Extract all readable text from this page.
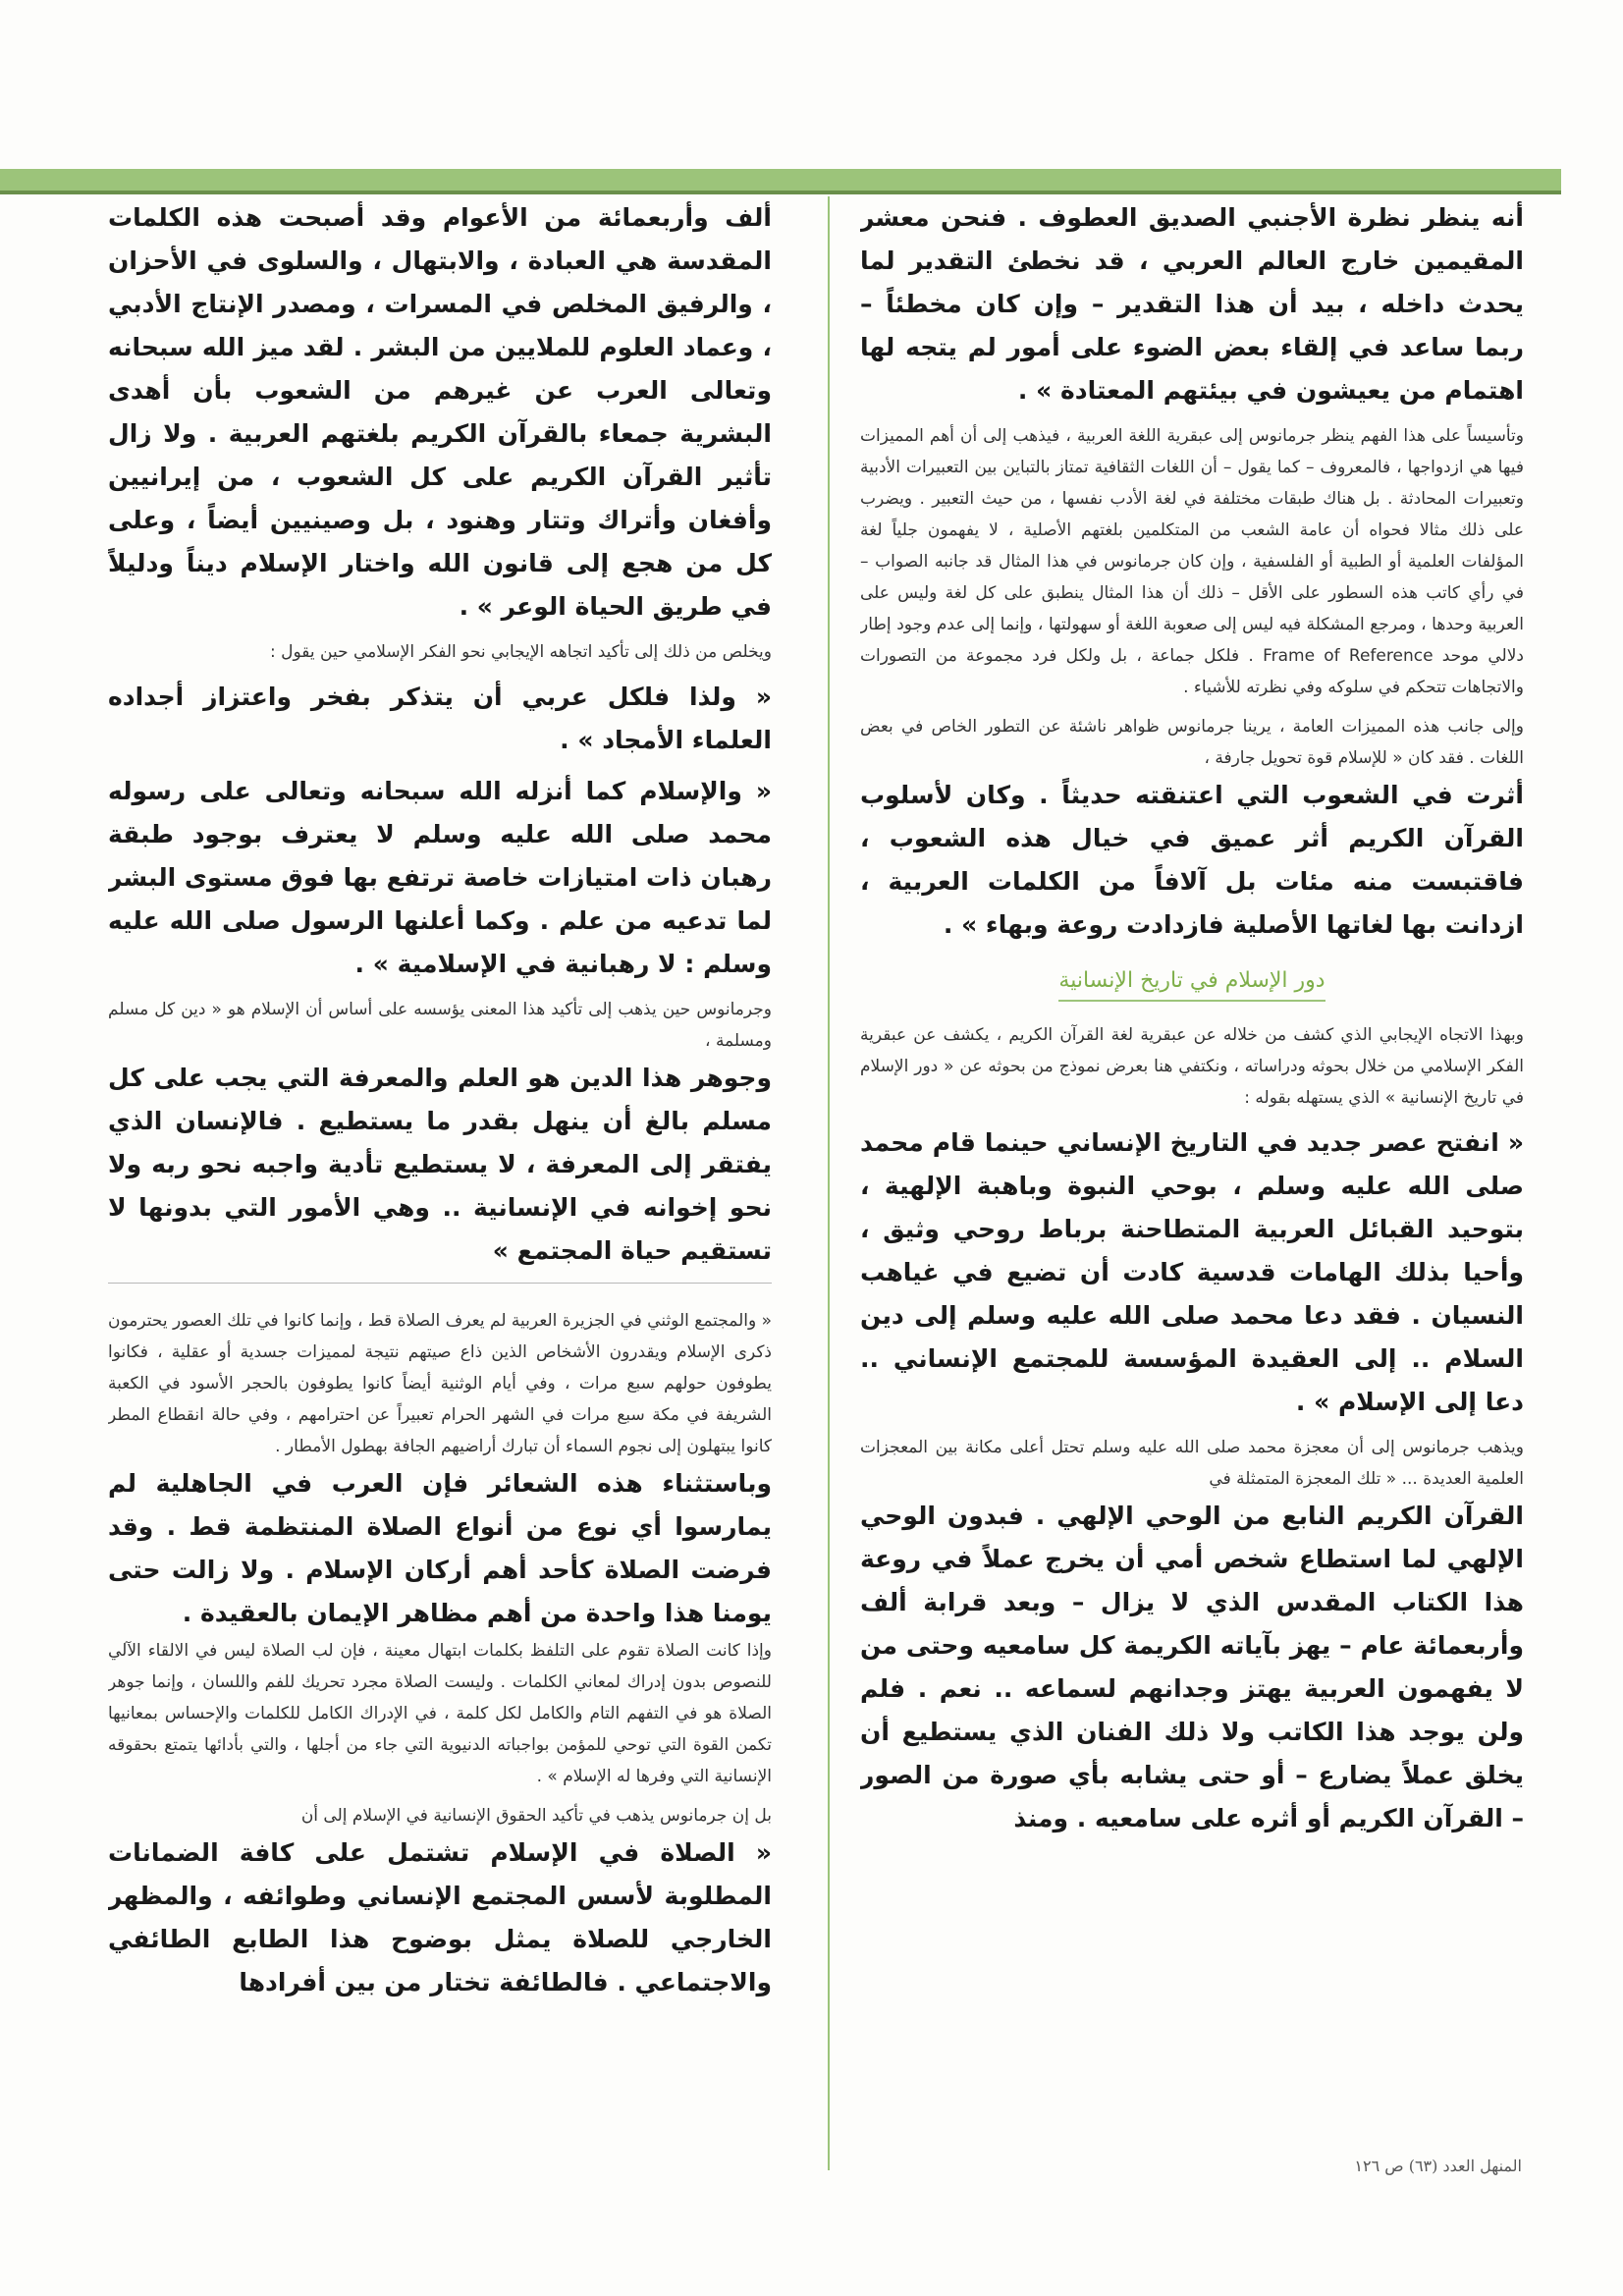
أنه ينظر نظرة الأجنبي الصديق العطوف . فنحن معشر المقيمين خارج العالم العربي ، قد نخطئ التقدير لما يحدث داخله ، بيد أن هذا التقدير – وإن كان مخطئاً – ربما ساعد في إلقاء بعض الضوء على أمور لم يتجه لها اهتمام من يعيشون في بيئتهم المعتادة » .

وتأسيساً على هذا الفهم ينظر جرمانوس إلى عبقرية اللغة العربية ، فيذهب إلى أن أهم المميزات فيها هي ازدواجها ، فالمعروف – كما يقول – أن اللغات الثقافية تمتاز بالتباين بين التعبيرات الأدبية وتعبيرات المحادثة . بل هناك طبقات مختلفة في لغة الأدب نفسها ، من حيث التعبير . ويضرب على ذلك مثالا فحواه أن عامة الشعب من المتكلمين بلغتهم الأصلية ، لا يفهمون جلياً لغة المؤلفات العلمية أو الطبية أو الفلسفية ، وإن كان جرمانوس في هذا المثال قد جانبه الصواب – في رأي كاتب هذه السطور على الأقل – ذلك أن هذا المثال ينطبق على كل لغة وليس على العربية وحدها ، ومرجع المشكلة فيه ليس إلى صعوبة اللغة أو سهولتها ، وإنما إلى عدم وجود إطار دلالي موحد Frame of Reference . فلكل جماعة ، بل ولكل فرد مجموعة من التصورات والاتجاهات تتحكم في سلوكه وفي نظرته للأشياء .

وإلى جانب هذه المميزات العامة ، يرينا جرمانوس ظواهر ناشئة عن التطور الخاص في بعض اللغات . فقد كان « للإسلام قوة تحويل جارفة ،

أثرت في الشعوب التي اعتنقته حديثاً . وكان لأسلوب القرآن الكريم أثر عميق في خيال هذه الشعوب ، فاقتبست منه مئات بل آلافاً من الكلمات العربية ، ازدانت بها لغاتها الأصلية فازدادت روعة وبهاء » .

دور الإسلام في تاريخ الإنسانية

وبهذا الاتجاه الإيجابي الذي كشف من خلاله عن عبقرية لغة القرآن الكريم ، يكشف عن عبقرية الفكر الإسلامي من خلال بحوثه ودراساته ، ونكتفي هنا بعرض نموذج من بحوثه عن « دور الإسلام في تاريخ الإنسانية » الذي يستهله بقوله :

« انفتح عصر جديد في التاريخ الإنساني حينما قام محمد صلى الله عليه وسلم ، بوحي النبوة وباهبة الإلهية ، بتوحيد القبائل العربية المتطاحنة برباط روحي وثيق ، وأحيا بذلك الهامات قدسية كادت أن تضيع في غياهب النسيان . فقد دعا محمد صلى الله عليه وسلم إلى دين السلام .. إلى العقيدة المؤسسة للمجتمع الإنساني .. دعا إلى الإسلام » .

ويذهب جرمانوس إلى أن معجزة محمد صلى الله عليه وسلم تحتل أعلى مكانة بين المعجزات العلمية العديدة ... « تلك المعجزة المتمثلة في

القرآن الكريم النابع من الوحي الإلهي . فبدون الوحي الإلهي لما استطاع شخص أمي أن يخرج عملاً في روعة هذا الكتاب المقدس الذي لا يزال – وبعد قرابة ألف وأربعمائة عام – يهز بآياته الكريمة كل سامعيه وحتى من لا يفهمون العربية يهتز وجدانهم لسماعه .. نعم . فلم ولن يوجد هذا الكاتب ولا ذلك الفنان الذي يستطيع أن يخلق عملاً يضارع – أو حتى يشابه بأي صورة من الصور – القرآن الكريم أو أثره على سامعيه . ومنذ

ألف وأربعمائة من الأعوام وقد أصبحت هذه الكلمات المقدسة هي العبادة ، والابتهال ، والسلوى في الأحزان ، والرفيق المخلص في المسرات ، ومصدر الإنتاج الأدبي ، وعماد العلوم للملايين من البشر . لقد ميز الله سبحانه وتعالى العرب عن غيرهم من الشعوب بأن أهدى البشرية جمعاء بالقرآن الكريم بلغتهم العربية . ولا زال تأثير القرآن الكريم على كل الشعوب ، من إيرانيين وأفغان وأتراك وتتار وهنود ، بل وصينيين أيضاً ، وعلى كل من هجع إلى قانون الله واختار الإسلام ديناً ودليلاً في طريق الحياة الوعر » .

ويخلص من ذلك إلى تأكيد اتجاهه الإيجابي نحو الفكر الإسلامي حين يقول :

« ولذا فلكل عربي أن يتذكر بفخر واعتزاز أجداده العلماء الأمجاد » .

« والإسلام كما أنزله الله سبحانه وتعالى على رسوله محمد صلى الله عليه وسلم لا يعترف بوجود طبقة رهبان ذات امتيازات خاصة ترتفع بها فوق مستوى البشر لما تدعيه من علم . وكما أعلنها الرسول صلى الله عليه وسلم : لا رهبانية في الإسلامية » .

وجرمانوس حين يذهب إلى تأكيد هذا المعنى يؤسسه على أساس أن الإسلام هو « دين كل مسلم ومسلمة ،

وجوهر هذا الدين هو العلم والمعرفة التي يجب على كل مسلم بالغ أن ينهل بقدر ما يستطيع . فالإنسان الذي يفتقر إلى المعرفة ، لا يستطيع تأدية واجبه نحو ربه ولا نحو إخوانه في الإنسانية .. وهي الأمور التي بدونها لا تستقيم حياة المجتمع »

« والمجتمع الوثني في الجزيرة العربية لم يعرف الصلاة قط ، وإنما كانوا في تلك العصور يحترمون ذكرى الإسلام ويقدرون الأشخاص الذين ذاع صيتهم نتيجة لمميزات جسدية أو عقلية ، فكانوا يطوفون حولهم سبع مرات ، وفي أيام الوثنية أيضاً كانوا يطوفون بالحجر الأسود في الكعبة الشريفة في مكة سبع مرات في الشهر الحرام تعبيراً عن احترامهم ، وفي حالة انقطاع المطر كانوا يبتهلون إلى نجوم السماء أن تبارك أراضيهم الجافة بهطول الأمطار .

وباستثناء هذه الشعائر فإن العرب في الجاهلية لم يمارسوا أي نوع من أنواع الصلاة المنتظمة قط . وقد فرضت الصلاة كأحد أهم أركان الإسلام . ولا زالت حتى يومنا هذا واحدة من أهم مظاهر الإيمان بالعقيدة .

وإذا كانت الصلاة تقوم على التلفظ بكلمات ابتهال معينة ، فإن لب الصلاة ليس في الالقاء الآلي للنصوص بدون إدراك لمعاني الكلمات . وليست الصلاة مجرد تحريك للفم واللسان ، وإنما جوهر الصلاة هو في التفهم التام والكامل لكل كلمة ، في الإدراك الكامل للكلمات والإحساس بمعانيها تكمن القوة التي توحي للمؤمن بواجباته الدنيوية التي جاء من أجلها ، والتي بأدائها يتمتع بحقوقه الإنسانية التي وفرها له الإسلام » .

بل إن جرمانوس يذهب في تأكيد الحقوق الإنسانية في الإسلام إلى أن

« الصلاة في الإسلام تشتمل على كافة الضمانات المطلوبة لأسس المجتمع الإنساني وطوائفه ، والمظهر الخارجي للصلاة يمثل بوضوح هذا الطابع الطائفي والاجتماعي . فالطائفة تختار من بين أفرادها

المنهل العدد (٦٣) ص ١٢٦
